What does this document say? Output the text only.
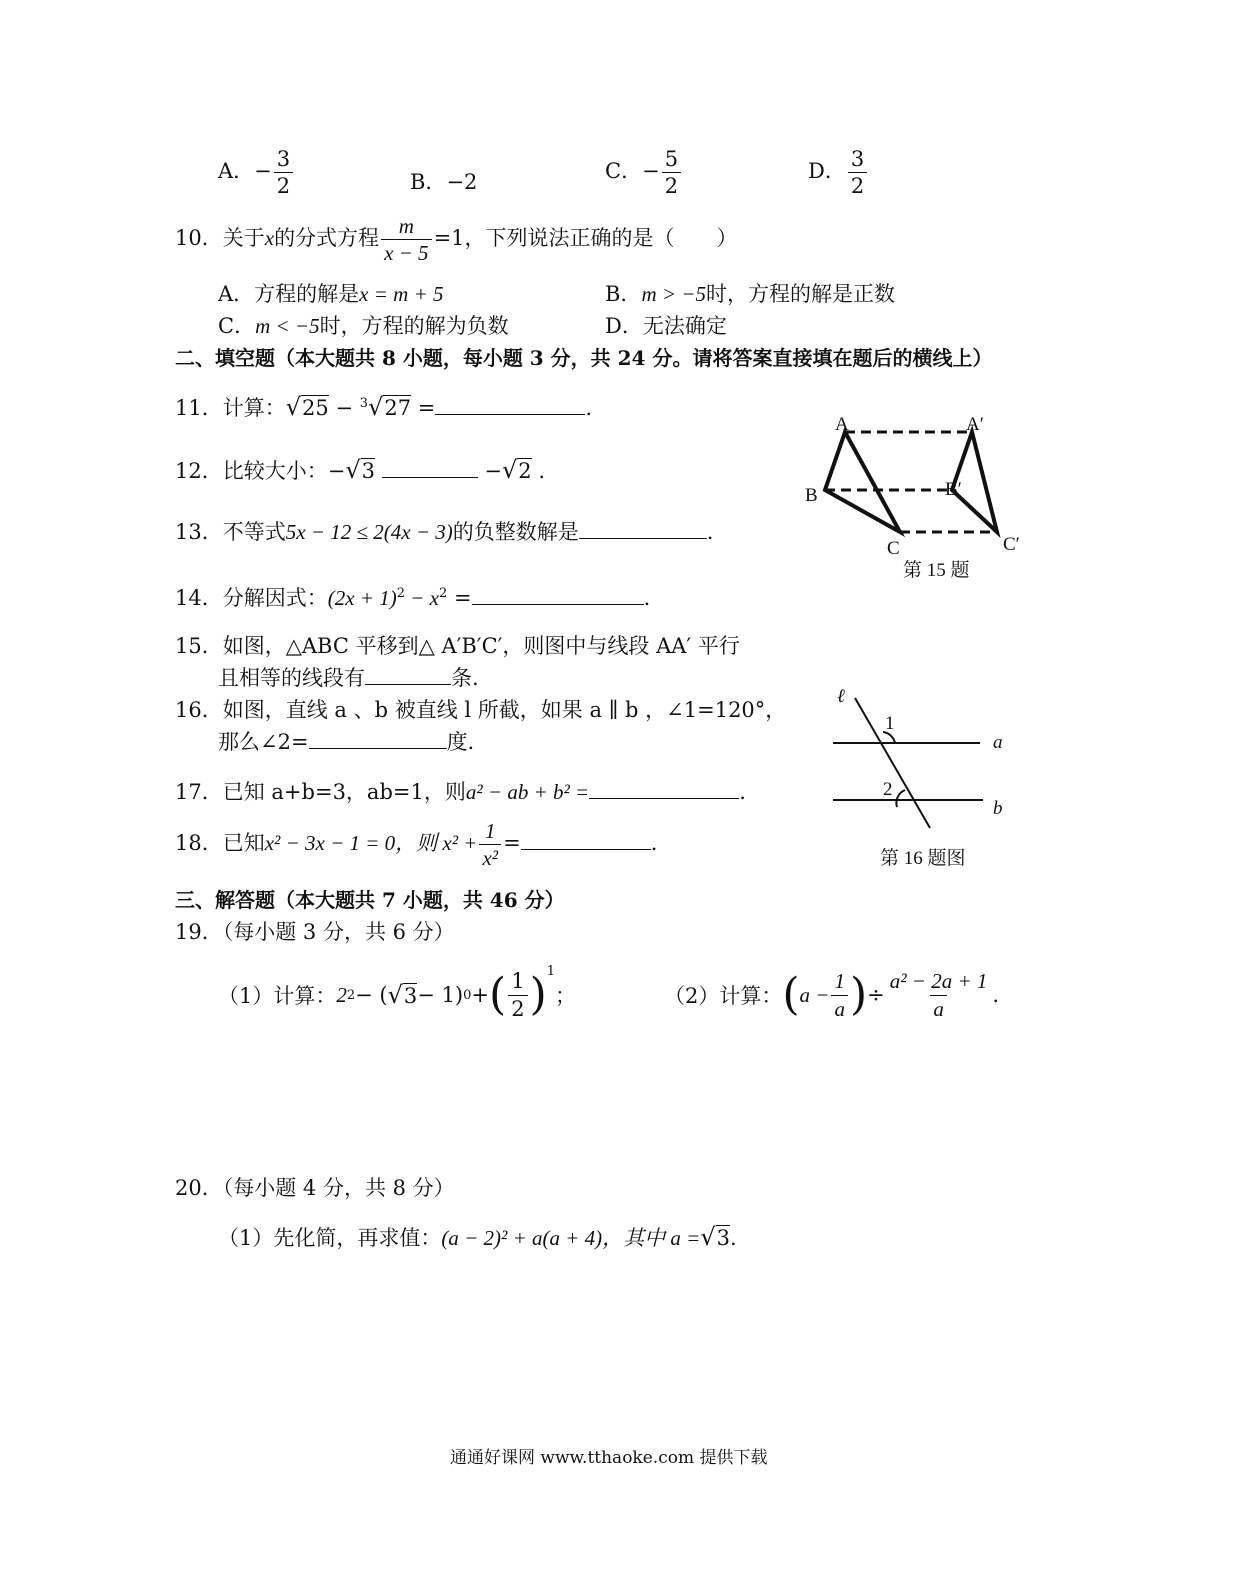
A．− $\frac{3}{2}$	B．−2	C．− $\frac{5}{2}$	D． $\frac{3}{2}$
10．关于x的分式方程 $\frac{m}{x - 5} =1$，下列说法正确的是（　　）
A．方程的解是x = m + 5	B．m > −5时，方程的解是正数
C．m < −5时，方程的解为负数	D．无法确定
二、填空题（本大题共 8 小题，每小题 3 分，共 24 分。请将答案直接填在题后的横线上）
11．计算：√25 − $^3$√27 =	.
12．比较大小：−√3	−√2 .
13．不等式5x − 12 ≤ 2(4x − 3)的负整数解是	.
14．分解因式：$(2x + 1)^2 - x^2$ =	.
15．如图，△ABC 平移到△ A′B′C′，则图中与线段 AA′ 平行
且相等的线段有	条.
16．如图，直线 a 、b 被直线 l 所截，如果 a ∥ b ，∠1=120°，
那么∠2=	度.
17．已知 a+b=3，ab=1，则a² − ab + b² =	.
18．已知x² − 3x − 1 = 0，则 $x^2 + \frac{1}{\text{x²}}$ =	.
A	A′
B	B′
C	C′
第 15 题
ℓ
1
2
a
b
第 16 题图
三、解答题（本大题共 7 小题，共 46 分）
19．（每小题 3 分，共 6 分）
（1）计算： 2 2 − ( √ 3 − 1) 0 + ( $\frac{1}{2} )^1$
；	（2）计算： ( $a - \frac{1}{a}$ ) ÷ $\frac{\text{a² − 2a + 1}}{a}$ .
20．（每小题 4 分，共 8 分）
（1）先化简，再求值：(a − 2)² + a(a + 4)，其中 a =√3.
通通好课网 www.tthaoke.com 提供下载
